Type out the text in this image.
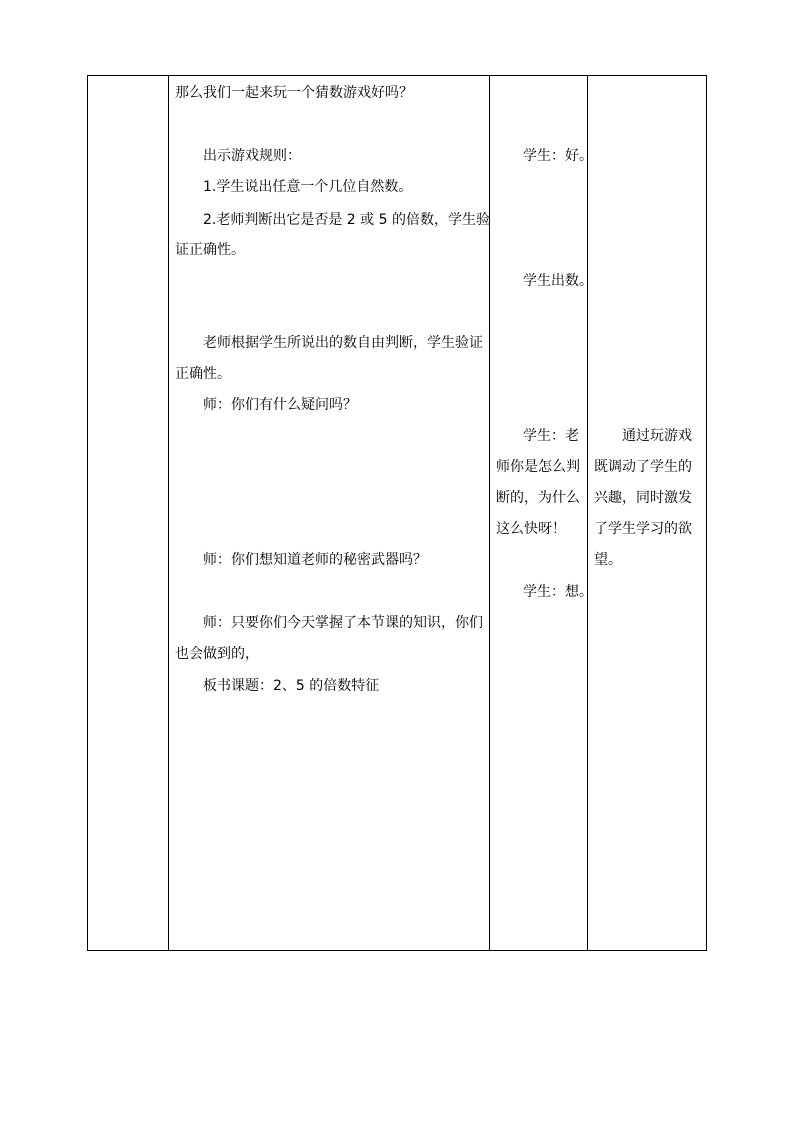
那么我们一起来玩一个猜数游戏好吗？
出示游戏规则：
1.学生说出任意一个几位自然数。
2.老师判断出它是否是 2 或 5 的倍数，学生验
证正确性。
老师根据学生所说出的数自由判断，学生验证
正确性。
师：你们有什么疑问吗？
师：你们想知道老师的秘密武器吗？
师：只要你们今天掌握了本节课的知识，你们
也会做到的，
板书课题：2、5 的倍数特征
学生：好。
学生出数。
学生：老
师你是怎么判
断的，为什么
这么快呀！
学生：想。
通过玩游戏
既调动了学生的
兴趣，同时激发
了学生学习的欲
望。
